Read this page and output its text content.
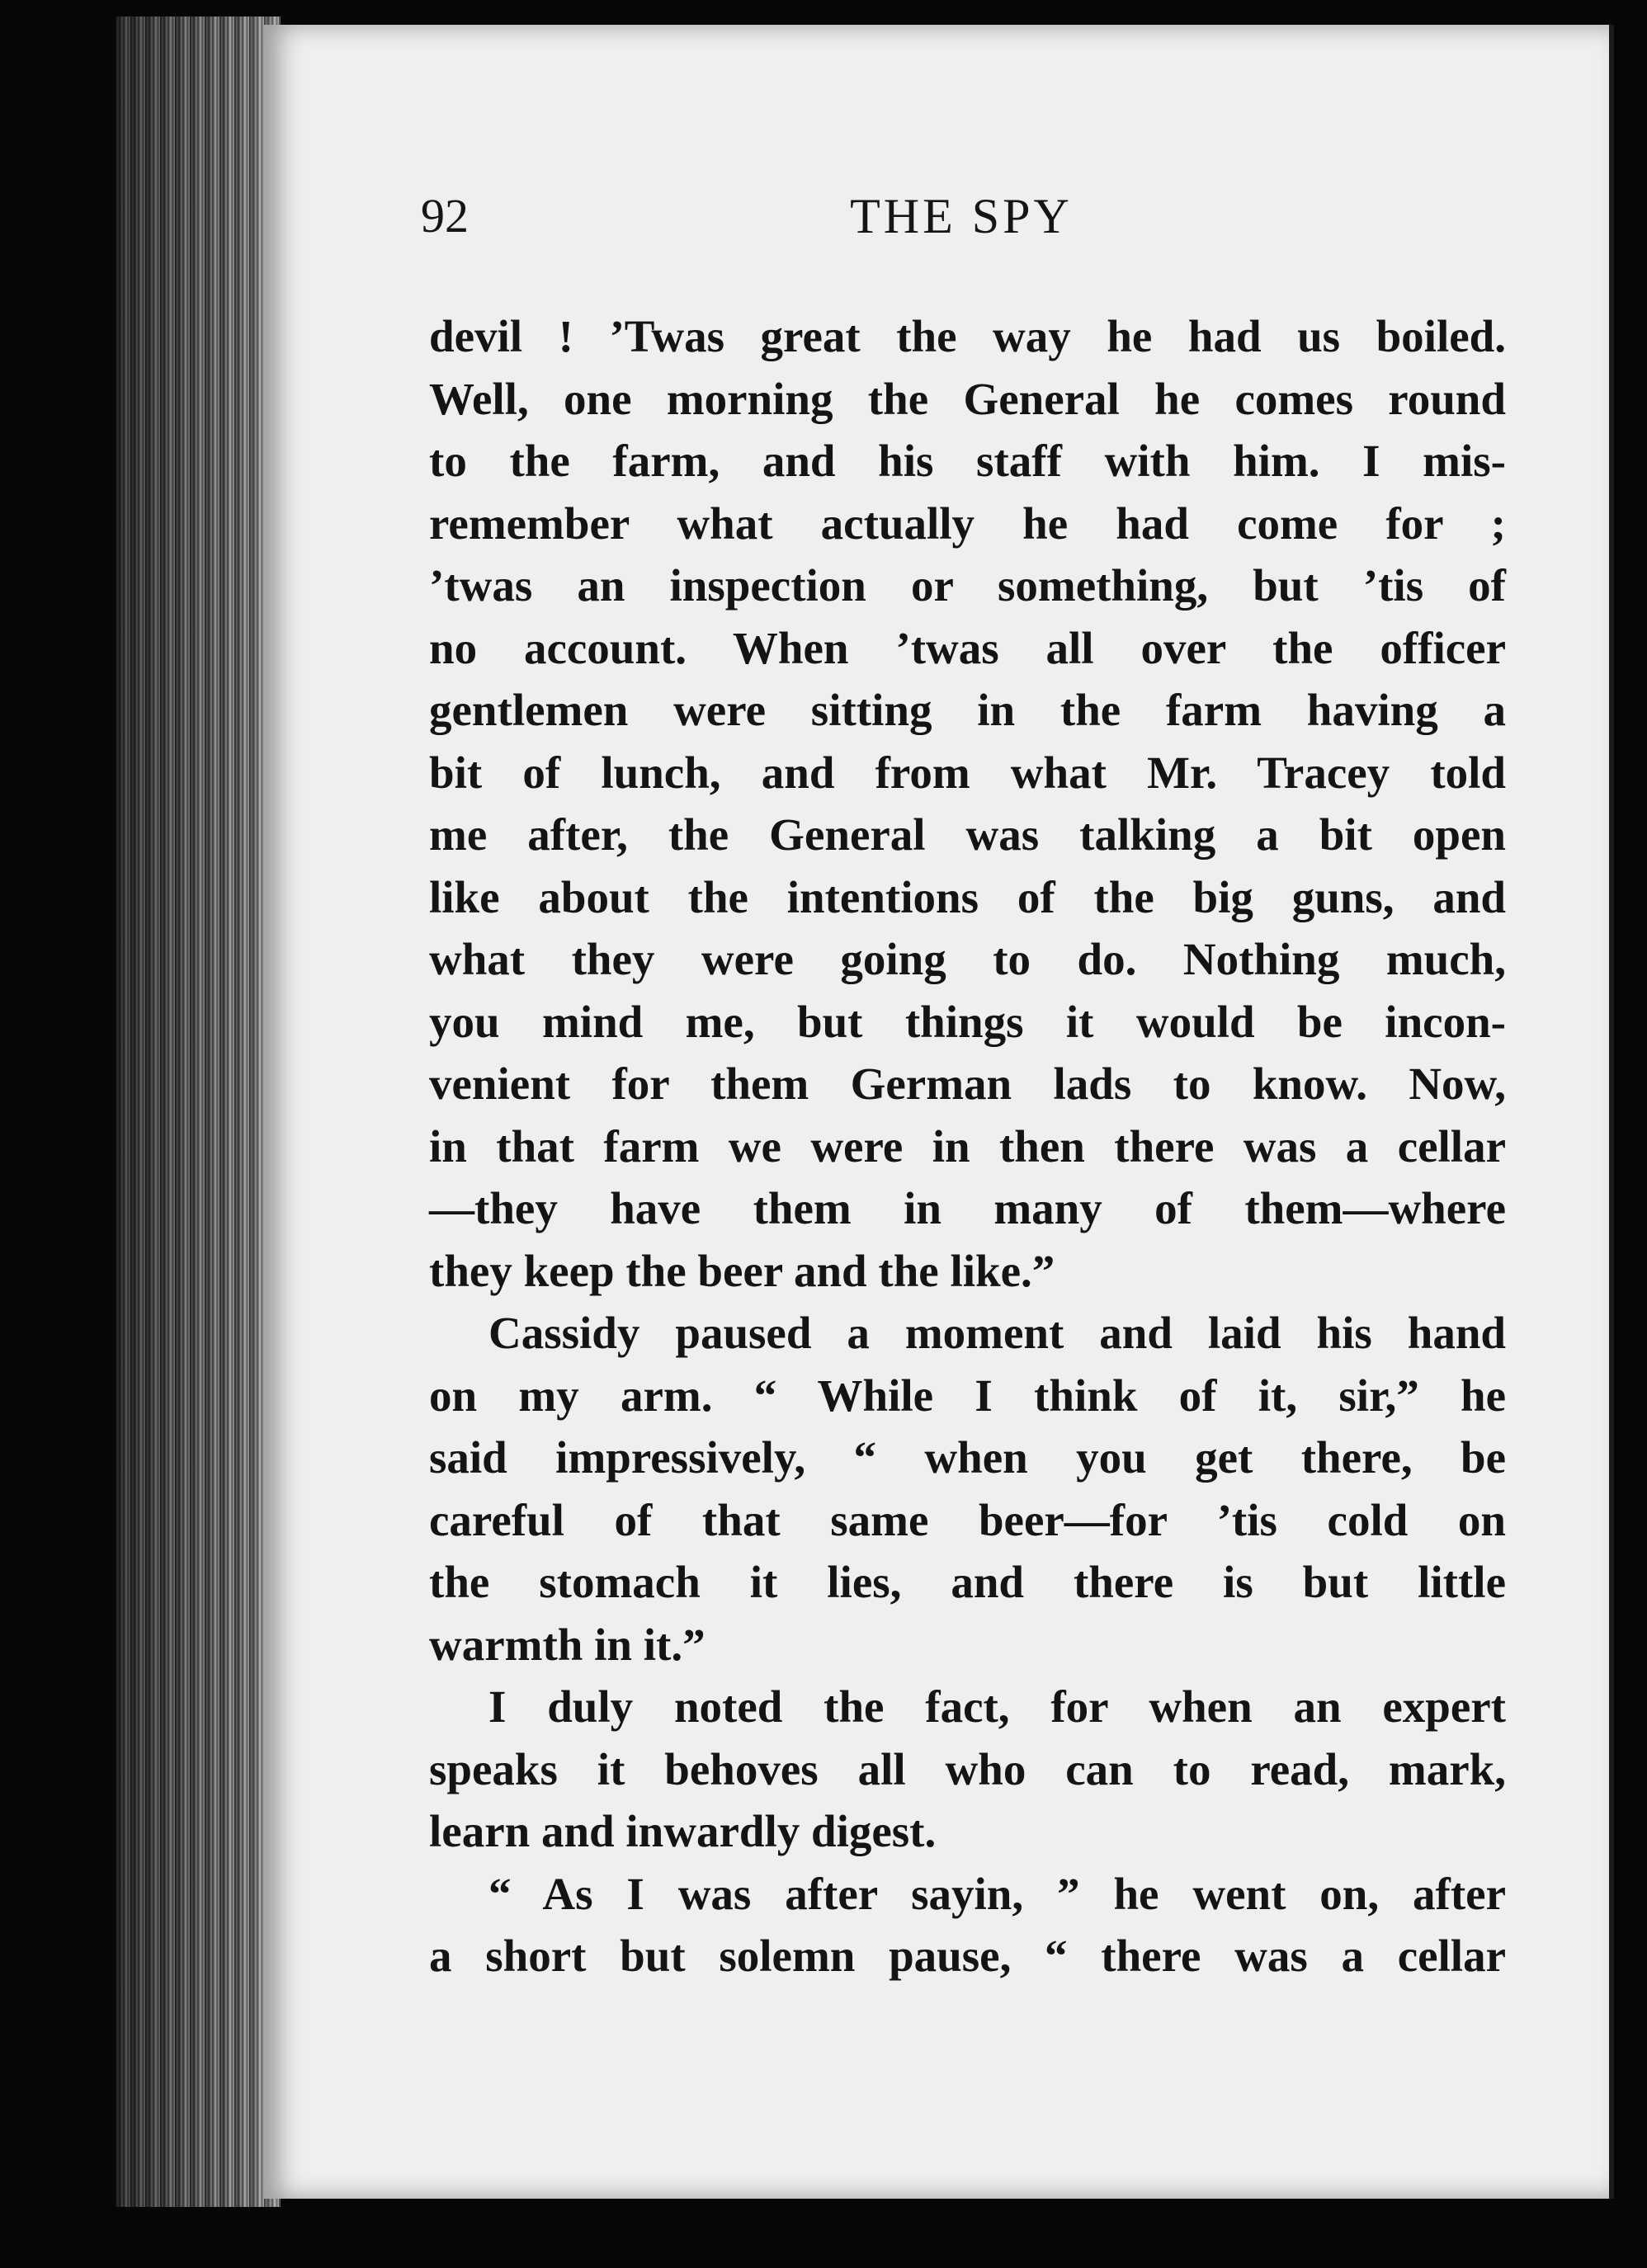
92	THE SPY
devil ! ’Twas great the way he had us boiled.
Well, one morning the General he comes round
to the farm, and his staff with him. I mis-
remember what actually he had come for ;
’twas an inspection or something, but ’tis of
no account. When ’twas all over the officer
gentlemen were sitting in the farm having a
bit of lunch, and from what Mr. Tracey told
me after, the General was talking a bit open
like about the intentions of the big guns, and
what they were going to do. Nothing much,
you mind me, but things it would be incon-
venient for them German lads to know. Now,
in that farm we were in then there was a cellar
—they have them in many of them—where
they keep the beer and the like.”
Cassidy paused a moment and laid his hand
on my arm. “ While I think of it, sir,” he
said impressively, “ when you get there, be
careful of that same beer—for ’tis cold on
the stomach it lies, and there is but little
warmth in it.”
I duly noted the fact, for when an expert
speaks it behoves all who can to read, mark,
learn and inwardly digest.
“ As I was after sayin, ” he went on, after
a short but solemn pause, “ there was a cellar
